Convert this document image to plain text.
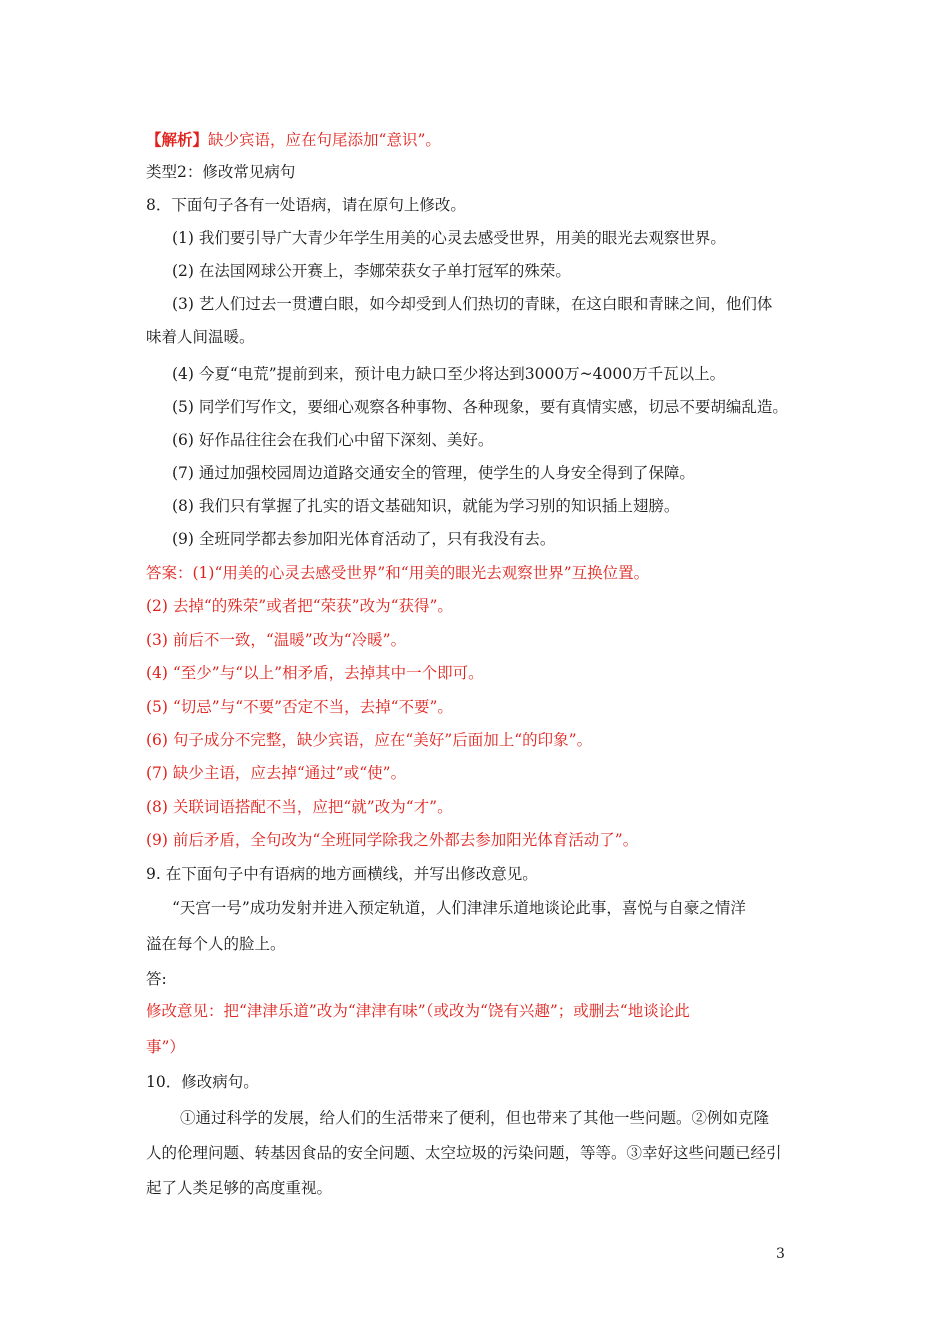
【解析】缺少宾语，应在句尾添加“意识”。
类型2：修改常见病句
8．下面句子各有一处语病，请在原句上修改。
(1) 我们要引导广大青少年学生用美的心灵去感受世界，用美的眼光去观察世界。
(2) 在法国网球公开赛上，李娜荣获女子单打冠军的殊荣。
(3) 艺人们过去一贯遭白眼，如今却受到人们热切的青睐，在这白眼和青睐之间，他们体
味着人间温暖。
(4) 今夏“电荒”提前到来，预计电力缺口至少将达到3000万~4000万千瓦以上。
(5) 同学们写作文，要细心观察各种事物、各种现象，要有真情实感，切忌不要胡编乱造。
(6) 好作品往往会在我们心中留下深刻、美好。
(7) 通过加强校园周边道路交通安全的管理，使学生的人身安全得到了保障。
(8) 我们只有掌握了扎实的语文基础知识，就能为学习别的知识插上翅膀。
(9) 全班同学都去参加阳光体育活动了，只有我没有去。
答案：(1)“用美的心灵去感受世界”和“用美的眼光去观察世界”互换位置。
(2) 去掉“的殊荣”或者把“荣获”改为“获得”。
(3) 前后不一致，“温暖”改为“冷暖”。
(4) “至少”与“以上”相矛盾，去掉其中一个即可。
(5) “切忌”与“不要”否定不当，去掉“不要”。
(6) 句子成分不完整，缺少宾语，应在“美好”后面加上“的印象”。
(7) 缺少主语，应去掉“通过”或“使”。
(8) 关联词语搭配不当，应把“就”改为“才”。
(9) 前后矛盾，全句改为“全班同学除我之外都去参加阳光体育活动了”。
9. 在下面句子中有语病的地方画横线，并写出修改意见。
“天宫一号”成功发射并进入预定轨道，人们津津乐道地谈论此事，喜悦与自豪之情洋
溢在每个人的脸上。
答:
修改意见：把“津津乐道”改为“津津有味”（或改为“饶有兴趣”；或删去“地谈论此
事”）
10．修改病句。
①通过科学的发展，给人们的生活带来了便利，但也带来了其他一些问题。②例如克隆
人的伦理问题、转基因食品的安全问题、太空垃圾的污染问题，等等。③幸好这些问题已经引
起了人类足够的高度重视。
3
